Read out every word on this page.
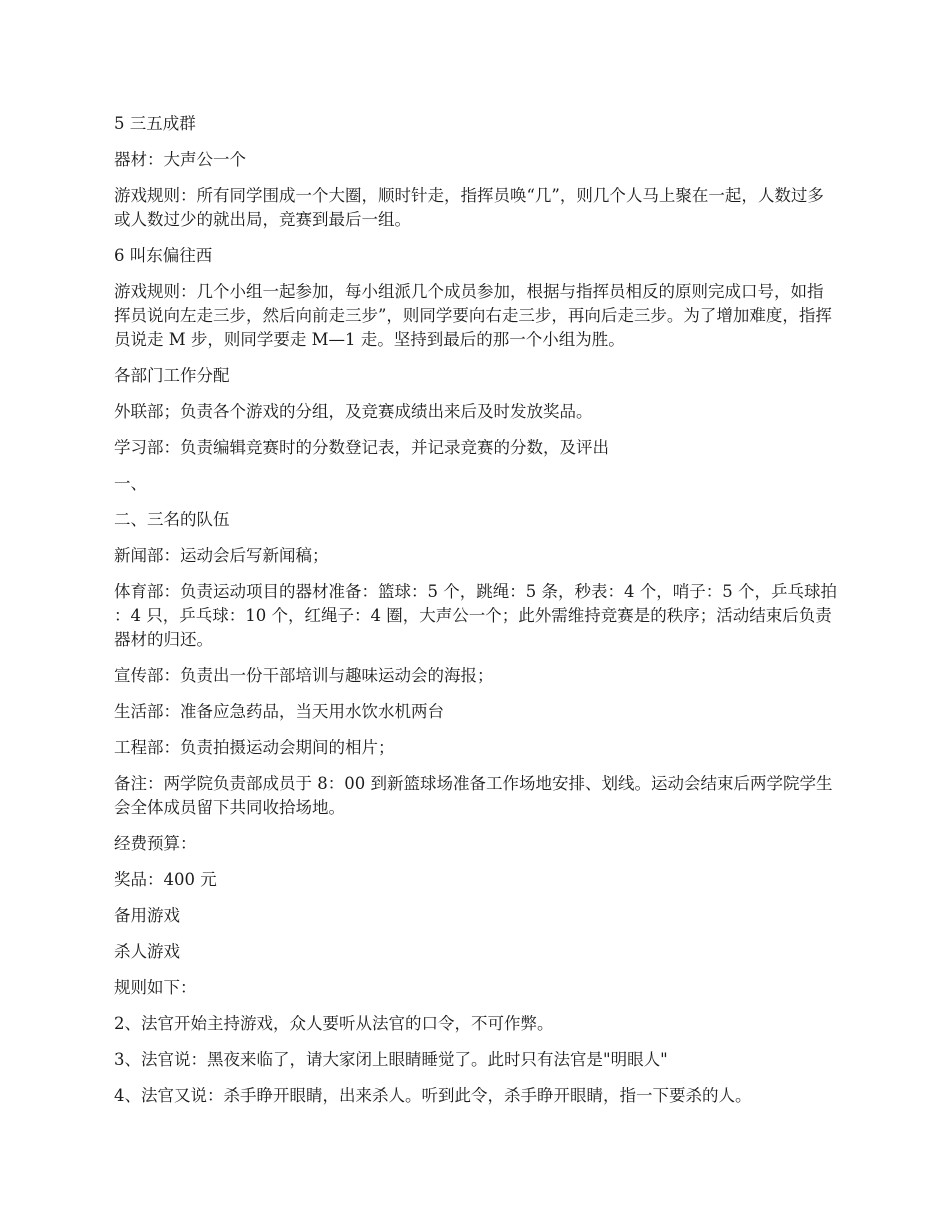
5 三五成群

器材：大声公一个

游戏规则：所有同学围成一个大圈，顺时针走，指挥员唤“几”，则几个人马上聚在一起，人数过多或人数过少的就出局，竞赛到最后一组。

6 叫东偏往西

游戏规则：几个小组一起参加，每小组派几个成员参加，根据与指挥员相反的原则完成口号，如指挥员说向左走三步，然后向前走三步”，则同学要向右走三步，再向后走三步。为了增加难度，指挥员说走 M 步，则同学要走 M—1 走。坚持到最后的那一个小组为胜。

各部门工作分配

外联部；负责各个游戏的分组，及竞赛成绩出来后及时发放奖品。

学习部：负责编辑竞赛时的分数登记表，并记录竞赛的分数，及评出

一、

二、三名的队伍

新闻部：运动会后写新闻稿；

体育部：负责运动项目的器材准备：篮球：5 个，跳绳：5 条，秒表：4 个，哨子：5 个，乒乓球拍：4 只，乒乓球：10 个，红绳子：4 圈，大声公一个；此外需维持竞赛是的秩序；活动结束后负责器材的归还。

宣传部：负责出一份干部培训与趣味运动会的海报；

生活部：准备应急药品，当天用水饮水机两台

工程部：负责拍摄运动会期间的相片；

备注：两学院负责部成员于 8：00 到新篮球场准备工作场地安排、划线。运动会结束后两学院学生会全体成员留下共同收拾场地。

经费预算：

奖品：400 元

备用游戏

杀人游戏

规则如下：

2、法官开始主持游戏，众人要听从法官的口令，不可作弊。

3、法官说：黑夜来临了，请大家闭上眼睛睡觉了。此时只有法官是"明眼人"

4、法官又说：杀手睁开眼睛，出来杀人。听到此令，杀手睁开眼睛，指一下要杀的人。
